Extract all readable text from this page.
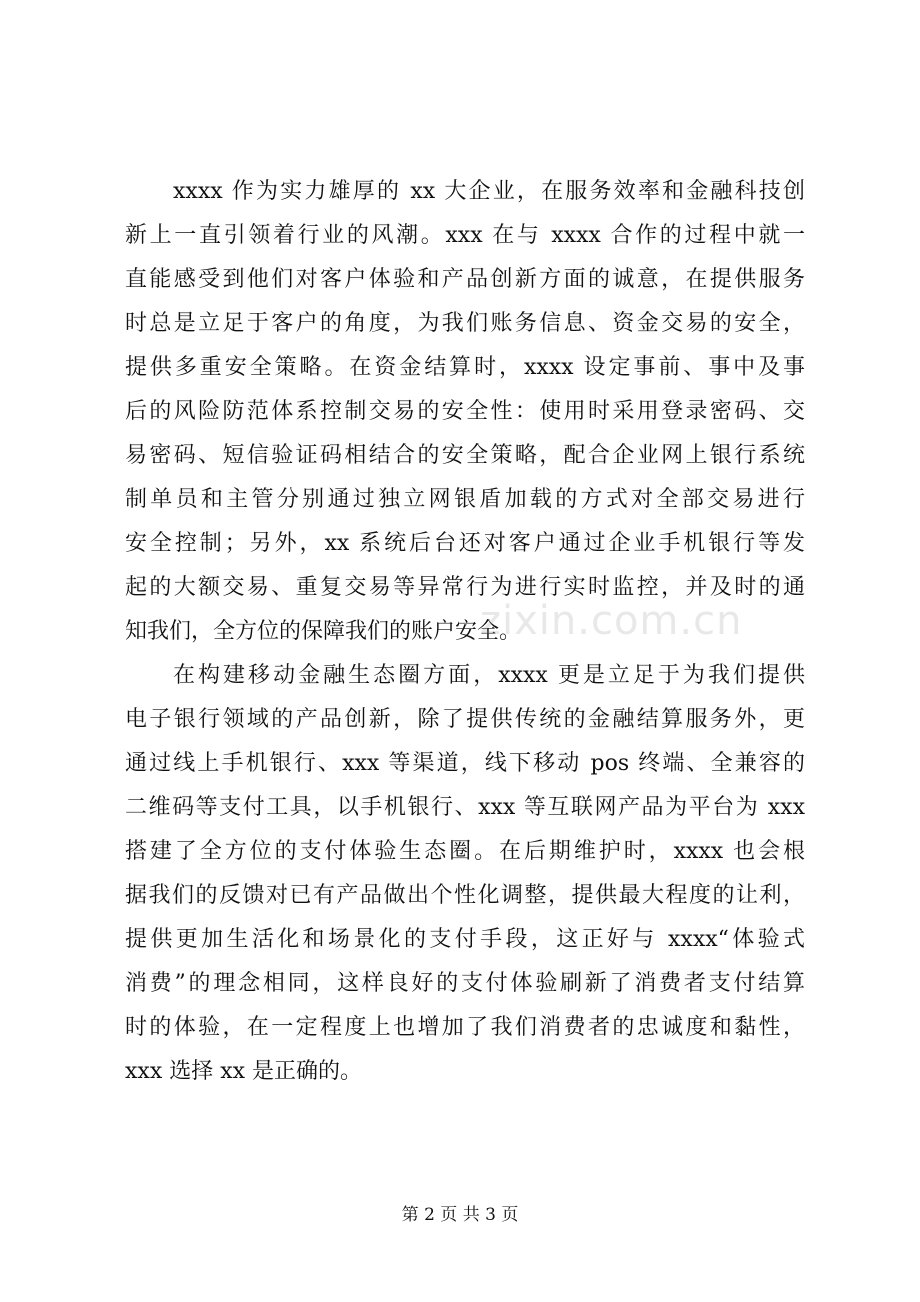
xxxx 作为实力雄厚的 xx 大企业，在服务效率和金融科技创
新上一直引领着行业的风潮。xxx 在与 xxxx 合作的过程中就一
直能感受到他们对客户体验和产品创新方面的诚意，在提供服务
时总是立足于客户的角度，为我们账务信息、资金交易的安全，
提供多重安全策略。在资金结算时，xxxx 设定事前、事中及事
后的风险防范体系控制交易的安全性：使用时采用登录密码、交
易密码、短信验证码相结合的安全策略，配合企业网上银行系统
制单员和主管分别通过独立网银盾加载的方式对全部交易进行
安全控制；另外，xx 系统后台还对客户通过企业手机银行等发
起的大额交易、重复交易等异常行为进行实时监控，并及时的通
知我们，全方位的保障我们的账户安全。
在构建移动金融生态圈方面，xxxx 更是立足于为我们提供
电子银行领域的产品创新，除了提供传统的金融结算服务外，更
通过线上手机银行、xxx 等渠道，线下移动 pos 终端、全兼容的
二维码等支付工具，以手机银行、xxx 等互联网产品为平台为 xxx
搭建了全方位的支付体验生态圈。在后期维护时，xxxx 也会根
据我们的反馈对已有产品做出个性化调整，提供最大程度的让利，
提供更加生活化和场景化的支付手段，这正好与 xxxx“体验式
消费”的理念相同，这样良好的支付体验刷新了消费者支付结算
时的体验，在一定程度上也增加了我们消费者的忠诚度和黏性，
xxx 选择 xx 是正确的。
zixin.com.cn
第 2 页 共 3 页
